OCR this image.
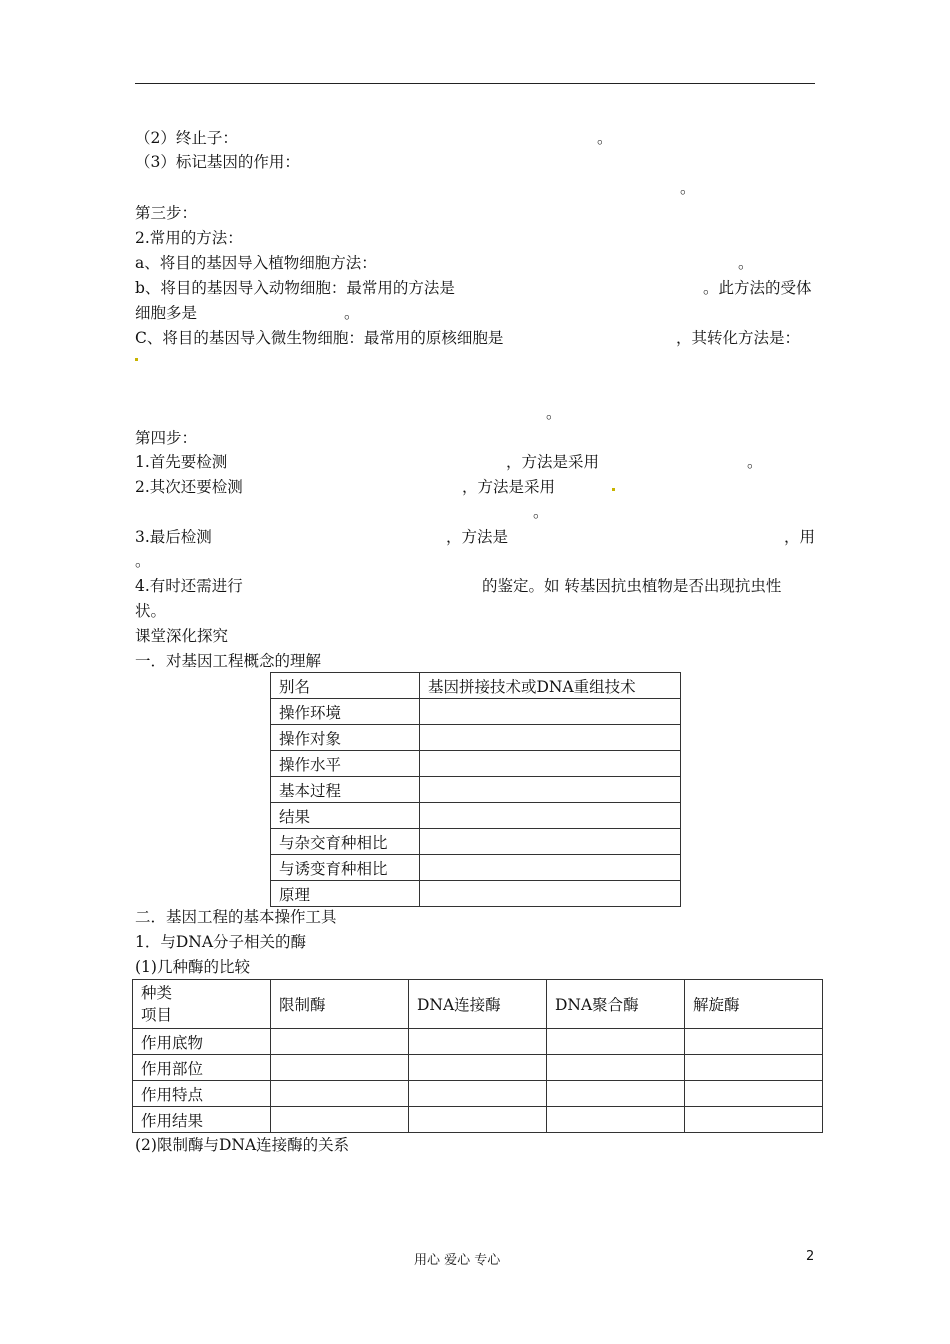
（2）终止子：	。
（3）标记基因的作用：
。
第三步：
2.常用的方法：
a、将目的基因导入植物细胞方法：	。
b、将目的基因导入动物细胞：最常用的方法是	。此方法的受体
细胞多是	。
C、将目的基因导入微生物细胞：最常用的原核细胞是	，其转化方法是：
。
第四步：
1.首先要检测	，方法是采用	。
2.其次还要检测	，方法是采用
。
3.最后检测	，方法是	，用
。
4.有时还需进行	的鉴定。如 转基因抗虫植物是否出现抗虫性
状。
课堂深化探究
一．对基因工程概念的理解
别名	基因拼接技术或DNA重组技术
操作环境	
操作对象	
操作水平	
基本过程	
结果	
与杂交育种相比	
与诱变育种相比	
原理	
二．基因工程的基本操作工具
1．与DNA分子相关的酶
(1)几种酶的比较
种类
项目	限制酶	DNA连接酶	DNA聚合酶	解旋酶
作用底物				
作用部位				
作用特点				
作用结果				
(2)限制酶与DNA连接酶的关系
用心 爱心 专心	2
